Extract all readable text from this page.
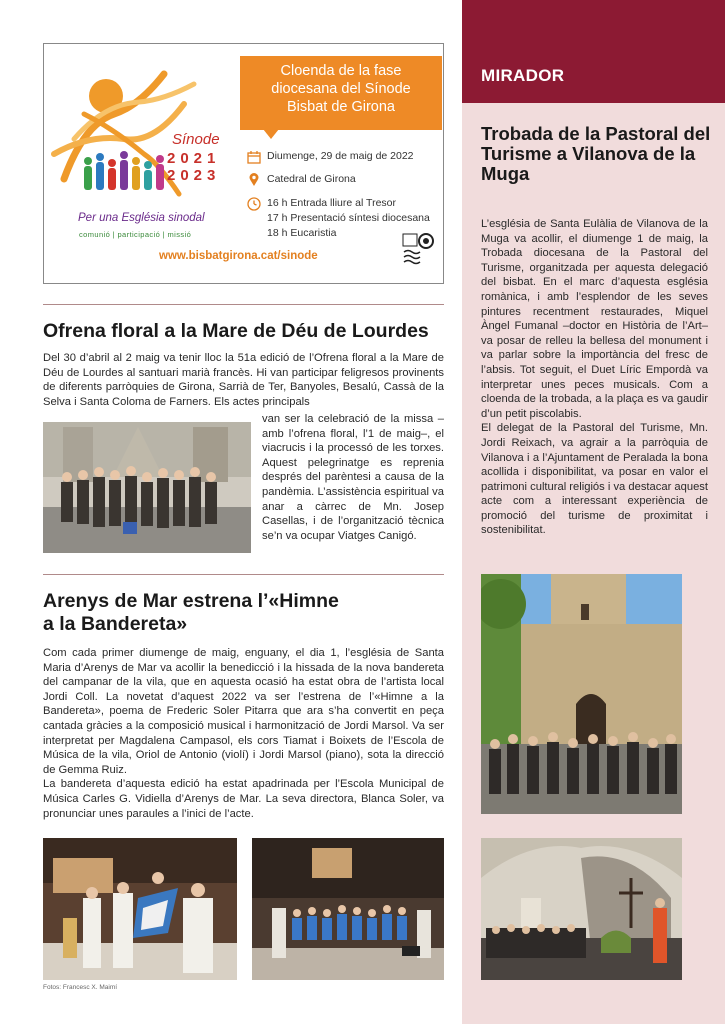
Sínode
2021
2023
Per una Església sinodal
comunió | participació | missió
Cloenda de la fase
diocesana del Sínode
Bisbat de Girona
Diumenge, 29 de maig de 2022
Catedral de Girona
16 h Entrada lliure al Tresor
17 h Presentació síntesi diocesana
18 h Eucaristia
www.bisbatgirona.cat/sinode
Ofrena floral a la Mare de Déu de Lourdes
Del 30 d’abril al 2 maig va tenir lloc la 51a edició de l’Ofrena floral a la Mare de Déu de Lourdes al santuari marià francès. Hi van participar feligresos provinents de diferents parròquies de Girona, Sarrià de Ter, Banyoles, Besalú, Cassà de la Selva i Santa Coloma de Farners. Els actes principals
van ser la celebració de la missa –amb l’ofrena floral, l’1 de maig–, el viacrucis i la processó de les torxes. Aquest pelegrinatge es reprenia després del parèntesi a causa de la pandèmia. L’assistència espiritual va anar a càrrec de Mn. Josep Casellas, i de l’organització tècnica se’n va ocupar Viatges Canigó.
Arenys de Mar estrena l’«Himne
a la Bandereta»

Com cada primer diumenge de maig, enguany, el dia 1, l’església de Santa Maria d’Arenys de Mar va acollir la benedicció i la hissada de la nova bandereta del campanar de la vila, que en aquesta ocasió ha estat obra de l’artista local Jordi Coll. La novetat d’aquest 2022 va ser l’estrena de l’«Himne a la Bandereta», poema de Frederic Soler Pitarra que ara s’ha convertit en peça cantada gràcies a la composició musical i harmonització de Jordi Marsol. Va ser interpretat per Magdalena Campasol, els cors Tiamat i Boixets de l’Escola de Música de la vila, Oriol de Antonio (violí) i Jordi Marsol (piano), sota la direcció de Gemma Ruiz.

La bandereta d’aquesta edició ha estat apadrinada per l’Escola Municipal de Música Carles G. Vidiella d’Arenys de Mar. La seva directora, Blanca Soler, va pronunciar unes paraules a l’inici de l’acte.

Fotos: Francesc X. Maimí
MIRADOR
Trobada de la Pastoral del Turisme a Vilanova de la Muga

L’església de Santa Eulàlia de Vilanova de la Muga va acollir, el diumenge 1 de maig, la Trobada diocesana de la Pastoral del Turisme, organitzada per aquesta delegació del bisbat. En el marc d’aquesta església romànica, i amb l’esplendor de les seves pintures recentment restaurades, Miquel Àngel Fumanal –doctor en Història de l’Art– va posar de relleu la bellesa del monument i va parlar sobre la importància del fresc de l’absis. Tot seguit, el Duet Líric Empordà va interpretar unes peces musicals. Com a cloenda de la trobada, a la plaça es va gaudir d’un petit piscolabis.

El delegat de la Pastoral del Turisme, Mn. Jordi Reixach, va agrair a la parròquia de Vilanova i a l’Ajuntament de Peralada la bona acollida i disponibilitat, va posar en valor el patrimoni cultural religiós i va destacar aquest acte com a interessant experiència de promoció del turisme de proximitat i sostenibilitat.
